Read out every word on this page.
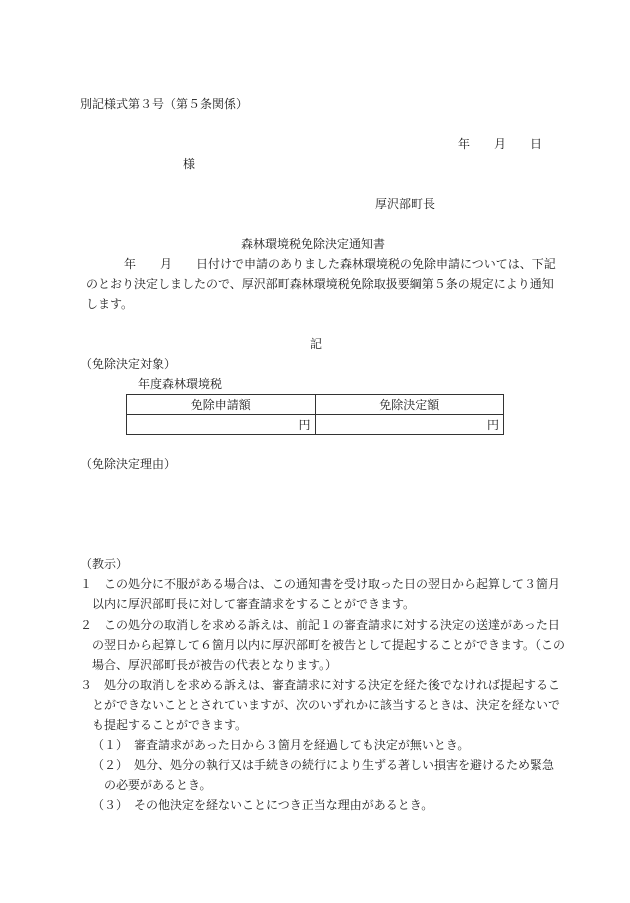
別記様式第３号（第５条関係）
年　　月　　日
様
厚沢部町長
森林環境税免除決定通知書
年　　月　　日付けで申請のありました森林環境税の免除申請については、下記
のとおり決定しましたので、厚沢部町森林環境税免除取扱要綱第５条の規定により通知
します。
記
（免除決定対象）
年度森林環境税
免除申請額	免除決定額
円	円
（免除決定理由）
（教示）
１　この処分に不服がある場合は、この通知書を受け取った日の翌日から起算して３箇月
以内に厚沢部町長に対して審査請求をすることができます。
２　この処分の取消しを求める訴えは、前記１の審査請求に対する決定の送達があった日
の翌日から起算して６箇月以内に厚沢部町を被告として提起することができます。（この
場合、厚沢部町長が被告の代表となります。）
３　処分の取消しを求める訴えは、審査請求に対する決定を経た後でなければ提起するこ
とができないこととされていますが、次のいずれかに該当するときは、決定を経ないで
も提起することができます。
（１）　審査請求があった日から３箇月を経過しても決定が無いとき。
（２）　処分、処分の執行又は手続きの続行により生ずる著しい損害を避けるため緊急
の必要があるとき。
（３）　その他決定を経ないことにつき正当な理由があるとき。
